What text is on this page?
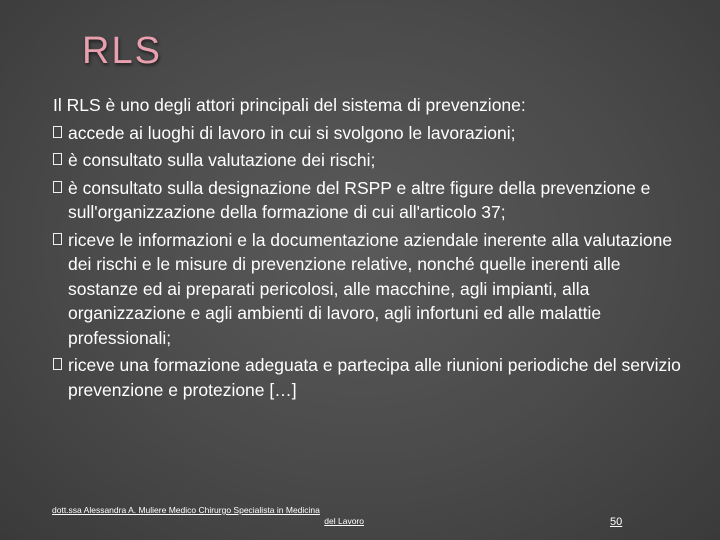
RLS

Il RLS è uno degli attori principali del sistema di prevenzione:

accede ai luoghi di lavoro in cui si svolgono le lavorazioni;
è consultato sulla valutazione dei rischi;
è consultato sulla designazione del RSPP e altre figure della prevenzione e sull'organizzazione della formazione di cui all'articolo 37;
riceve le informazioni e la documentazione aziendale inerente alla valutazione dei rischi e le misure di prevenzione relative, nonché quelle inerenti alle sostanze ed ai preparati pericolosi, alle macchine, agli impianti, alla organizzazione e agli ambienti di lavoro, agli infortuni ed alle malattie professionali;
riceve una formazione adeguata e partecipa alle riunioni periodiche del servizio prevenzione e protezione […]
dott.ssa Alessandra A. Muliere Medico Chirurgo Specialista in Medicina
del Lavoro	50
